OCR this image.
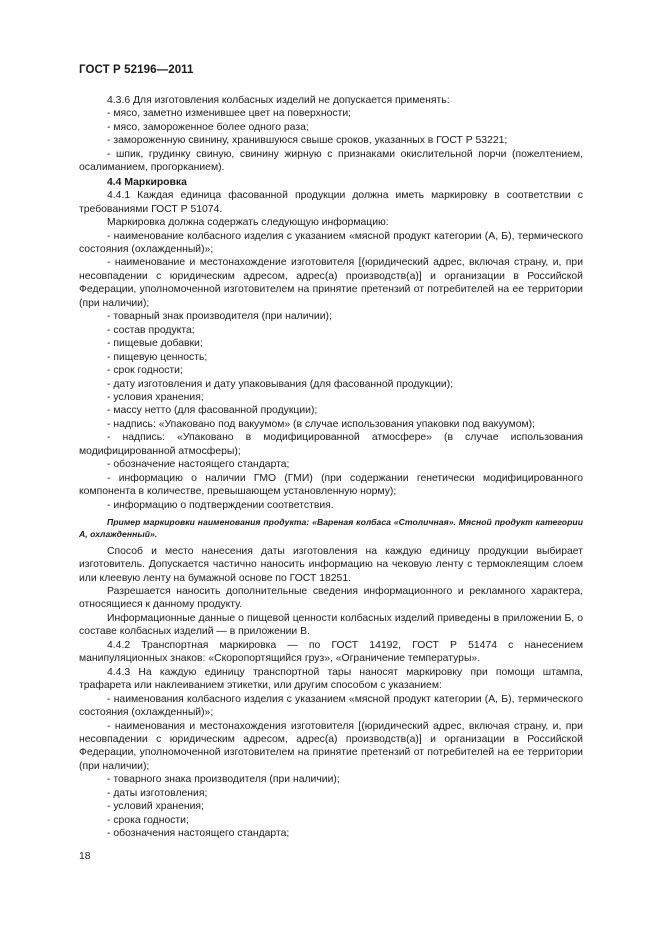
ГОСТ Р 52196—2011

4.3.6 Для изготовления колбасных изделий не допускается применять:

- мясо, заметно изменившее цвет на поверхности;

- мясо, замороженное более одного раза;

- замороженную свинину, хранившуюся свыше сроков, указанных в ГОСТ Р 53221;

- шпик, грудинку свиную, свинину жирную с признаками окислительной порчи (пожелтением, осалиманием, прогорканием).

4.4 Маркировка

4.4.1 Каждая единица фасованной продукции должна иметь маркировку в соответствии с требованиями ГОСТ Р 51074.

Маркировка должна содержать следующую информацию:

- наименование колбасного изделия с указанием «мясной продукт категории (А, Б), термического состояния (охлажденный)»;

- наименование и местонахождение изготовителя [(юридический адрес, включая страну, и, при несовпадении с юридическим адресом, адрес(а) производств(а)] и организации в Российской Федерации, уполномоченной изготовителем на принятие претензий от потребителей на ее территории (при наличии);

- товарный знак производителя (при наличии);

- состав продукта;

- пищевые добавки;

- пищевую ценность;

- срок годности;

- дату изготовления и дату упаковывания (для фасованной продукции);

- условия хранения;

- массу нетто (для фасованной продукции);

- надпись: «Упаковано под вакуумом» (в случае использования упаковки под вакуумом);

- надпись: «Упаковано в модифицированной атмосфере» (в случае использования модифицированной атмосферы);

- обозначение настоящего стандарта;

- информацию о наличии ГМО (ГМИ) (при содержании генетически модифицированного компонента в количестве, превышающем установленную норму);

- информацию о подтверждении соответствия.

Пример маркировки наименования продукта: «Вареная колбаса «Столичная». Мясной продукт категории А, охлажденный».

Способ и место нанесения даты изготовления на каждую единицу продукции выбирает изготовитель. Допускается частично наносить информацию на чековую ленту с термоклеящим слоем или клеевую ленту на бумажной основе по ГОСТ 18251.

Разрешается наносить дополнительные сведения информационного и рекламного характера, относящиеся к данному продукту.

Информационные данные о пищевой ценности колбасных изделий приведены в приложении Б, о составе колбасных изделий — в приложении В.

4.4.2 Транспортная маркировка — по ГОСТ 14192, ГОСТ Р 51474 с нанесением манипуляционных знаков: «Скоропортящийся груз», «Ограничение температуры».

4.4.3 На каждую единицу транспортной тары наносят маркировку при помощи штампа, трафарета или наклеиванием этикетки, или другим способом с указанием:

- наименования колбасного изделия с указанием «мясной продукт категории (А, Б), термического состояния (охлажденный)»;

- наименования и местонахождения изготовителя [(юридический адрес, включая страну, и, при несовпадении с юридическим адресом, адрес(а) производств(а)] и организации в Российской Федерации, уполномоченной изготовителем на принятие претензий от потребителей на ее территории (при наличии);

- товарного знака производителя (при наличии);

- даты изготовления;

- условий хранения;

- срока годности;

- обозначения настоящего стандарта;

18
